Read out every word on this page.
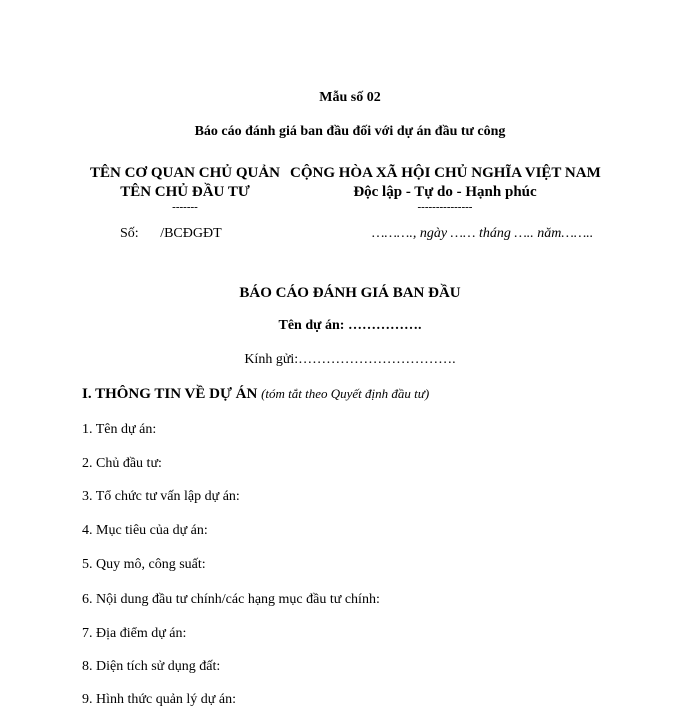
Mẫu số 02
Báo cáo đánh giá ban đầu đối với dự án đầu tư công
TÊN CƠ QUAN CHỦ QUẢN
TÊN CHỦ ĐẦU TƯ
-------
CỘNG HÒA XÃ HỘI CHỦ NGHĨA VIỆT NAM
Độc lập - Tự do - Hạnh phúc
---------------
Số: /BCĐGĐT	………., ngày …… tháng ….. năm……..
BÁO CÁO ĐÁNH GIÁ BAN ĐẦU
Tên dự án: …………….
Kính gửi:…………………………….
I. THÔNG TIN VỀ DỰ ÁN (tóm tắt theo Quyết định đầu tư)
1. Tên dự án:
2. Chủ đầu tư:
3. Tổ chức tư vấn lập dự án:
4. Mục tiêu của dự án:
5. Quy mô, công suất:
6. Nội dung đầu tư chính/các hạng mục đầu tư chính:
7. Địa điểm dự án:
8. Diện tích sử dụng đất:
9. Hình thức quản lý dự án:
